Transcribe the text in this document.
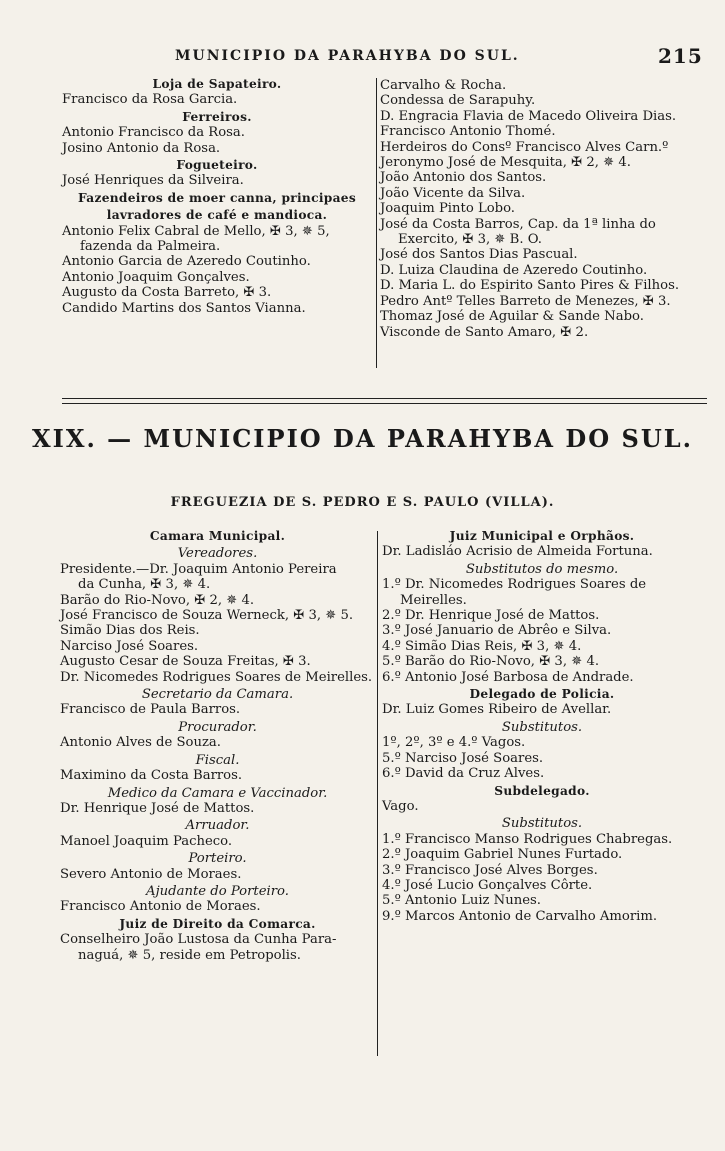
MUNICIPIO DA PARAHYBA DO SUL.	215
Loja de Sapateiro.
Francisco da Rosa Garcia.
Ferreiros.
Antonio Francisco da Rosa.
Josino Antonio da Rosa.
Fogueteiro.
José Henriques da Silveira.
Fazendeiros de moer canna, principaes
lavradores de café e mandioca.
Antonio Felix Cabral de Mello, ✠ 3, ✵ 5,
fazenda da Palmeira.
Antonio Garcia de Azeredo Coutinho.
Antonio Joaquim Gonçalves.
Augusto da Costa Barreto, ✠ 3.
Candido Martins dos Santos Vianna.
Carvalho & Rocha.
Condessa de Sarapuhy.
D. Engracia Flavia de Macedo Oliveira Dias.
Francisco Antonio Thomé.
Herdeiros do Consº Francisco Alves Carn.º
Jeronymo José de Mesquita, ✠ 2, ✵ 4.
João Antonio dos Santos.
João Vicente da Silva.
Joaquim Pinto Lobo.
José da Costa Barros, Cap. da 1ª linha do
Exercito, ✠ 3, ✵ B. O.
José dos Santos Dias Pascual.
D. Luiza Claudina de Azeredo Coutinho.
D. Maria L. do Espirito Santo Pires & Filhos.
Pedro Antº Telles Barreto de Menezes, ✠ 3.
Thomaz José de Aguilar & Sande Nabo.
Visconde de Santo Amaro, ✠ 2.
XIX. — MUNICIPIO DA PARAHYBA DO SUL.
FREGUEZIA DE S. PEDRO E S. PAULO (VILLA).
Camara Municipal.
Vereadores.
Presidente.—Dr. Joaquim Antonio Pereira
da Cunha, ✠ 3, ✵ 4.
Barão do Rio-Novo, ✠ 2, ✵ 4.
José Francisco de Souza Werneck, ✠ 3, ✵ 5.
Simão Dias dos Reis.
Narciso José Soares.
Augusto Cesar de Souza Freitas, ✠ 3.
Dr. Nicomedes Rodrigues Soares de Meirelles.
Secretario da Camara.
Francisco de Paula Barros.
Procurador.
Antonio Alves de Souza.
Fiscal.
Maximino da Costa Barros.
Medico da Camara e Vaccinador.
Dr. Henrique José de Mattos.
Arruador.
Manoel Joaquim Pacheco.
Porteiro.
Severo Antonio de Moraes.
Ajudante do Porteiro.
Francisco Antonio de Moraes.
Juiz de Direito da Comarca.
Conselheiro João Lustosa da Cunha Para-
naguá, ✵ 5, reside em Petropolis.
Juiz Municipal e Orphãos.
Dr. Ladisláo Acrisio de Almeida Fortuna.
Substitutos do mesmo.
1.º Dr. Nicomedes Rodrigues Soares de
Meirelles.
2.º Dr. Henrique José de Mattos.
3.º José Januario de Abrêo e Silva.
4.º Simão Dias Reis, ✠ 3, ✵ 4.
5.º Barão do Rio-Novo, ✠ 3, ✵ 4.
6.º Antonio José Barbosa de Andrade.
Delegado de Policia.
Dr. Luiz Gomes Ribeiro de Avellar.
Substitutos.
1º, 2º, 3º e 4.º Vagos.
5.º Narciso José Soares.
6.º David da Cruz Alves.
Subdelegado.
Vago.
Substitutos.
1.º Francisco Manso Rodrigues Chabregas.
2.º Joaquim Gabriel Nunes Furtado.
3.º Francisco José Alves Borges.
4.º José Lucio Gonçalves Côrte.
5.º Antonio Luiz Nunes.
9.º Marcos Antonio de Carvalho Amorim.
